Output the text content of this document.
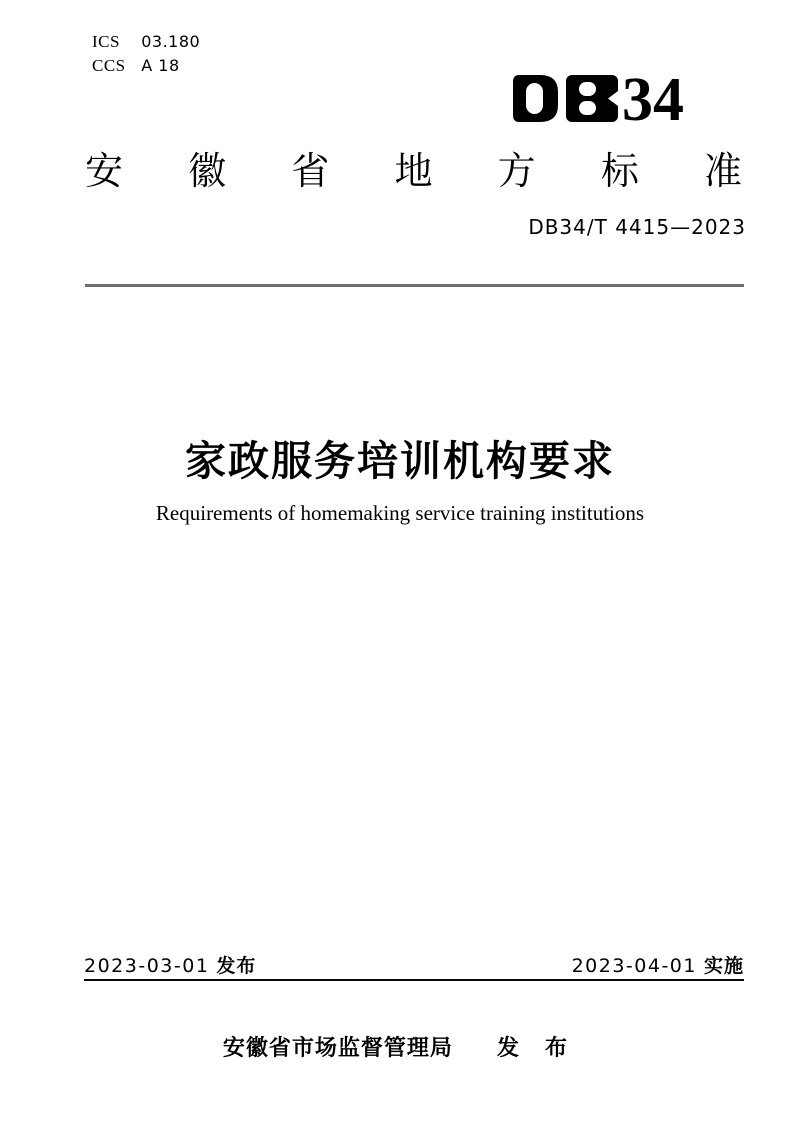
ICS 03.180
CCS A 18
34
安 徽 省 地 方 标 准
DB34/T 4415—2023
家政服务培训机构要求
Requirements of homemaking service training institutions
2023-03-01 发布	2023-04-01 实施
安徽省市场监督管理局 发 布
